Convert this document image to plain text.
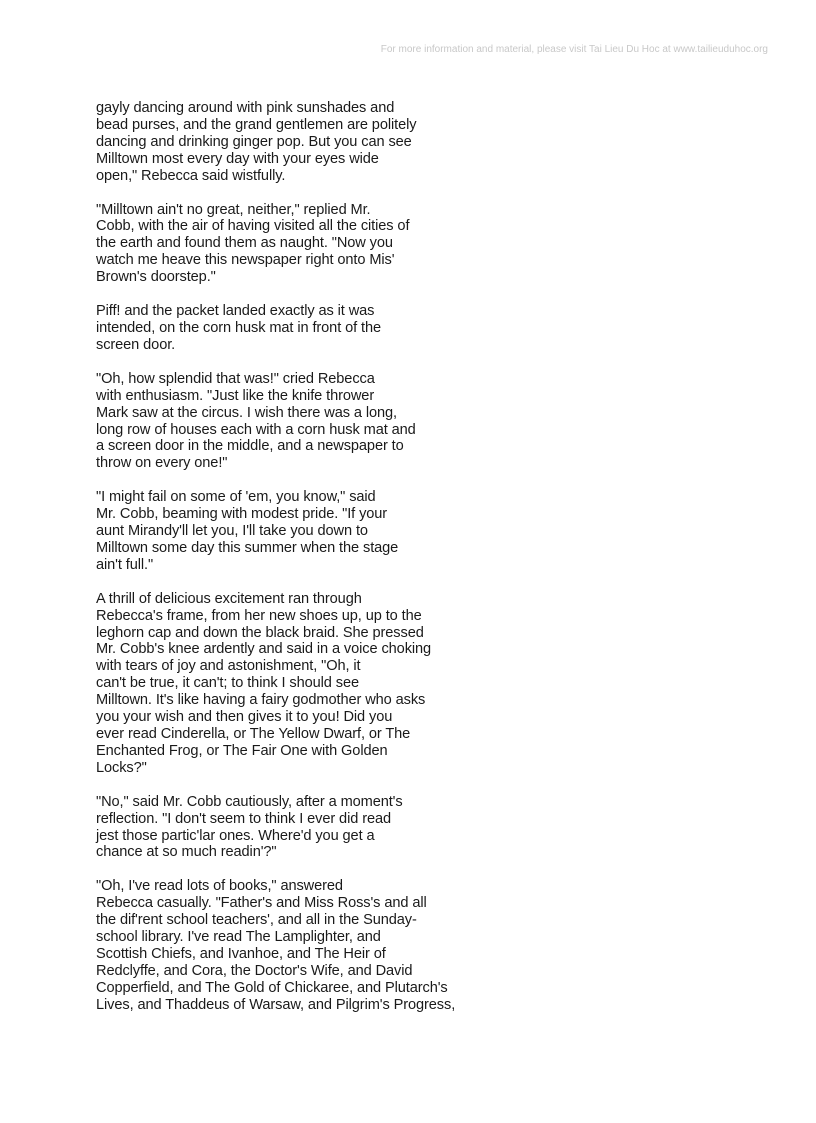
For more information and material, please visit Tai Lieu Du Hoc at www.tailieuduhoc.org
gayly dancing around with pink sunshades and
bead purses, and the grand gentlemen are politely
dancing and drinking ginger pop. But you can see
Milltown most every day with your eyes wide
open," Rebecca said wistfully.
"Milltown ain't no great, neither," replied Mr.
Cobb, with the air of having visited all the cities of
the earth and found them as naught. "Now you
watch me heave this newspaper right onto Mis'
Brown's doorstep."
Piff! and the packet landed exactly as it was
intended, on the corn husk mat in front of the
screen door.
"Oh, how splendid that was!" cried Rebecca
with enthusiasm. "Just like the knife thrower
Mark saw at the circus. I wish there was a long,
long row of houses each with a corn husk mat and
a screen door in the middle, and a newspaper to
throw on every one!"
"I might fail on some of 'em, you know," said
Mr. Cobb, beaming with modest pride. "If your
aunt Mirandy'll let you, I'll take you down to
Milltown some day this summer when the stage
ain't full."
A thrill of delicious excitement ran through
Rebecca's frame, from her new shoes up, up to the
leghorn cap and down the black braid. She pressed
Mr. Cobb's knee ardently and said in a voice choking
with tears of joy and astonishment, "Oh, it
can't be true, it can't; to think I should see
Milltown. It's like having a fairy godmother who asks
you your wish and then gives it to you! Did you
ever read Cinderella, or The Yellow Dwarf, or The
Enchanted Frog, or The Fair One with Golden
Locks?"
"No," said Mr. Cobb cautiously, after a moment's
reflection. "I don't seem to think I ever did read
jest those partic'lar ones. Where'd you get a
chance at so much readin'?"
"Oh, I've read lots of books," answered
Rebecca casually. "Father's and Miss Ross's and all
the dif'rent school teachers', and all in the Sunday-
school library. I've read The Lamplighter, and
Scottish Chiefs, and Ivanhoe, and The Heir of
Redclyffe, and Cora, the Doctor's Wife, and David
Copperfield, and The Gold of Chickaree, and Plutarch's
Lives, and Thaddeus of Warsaw, and Pilgrim's Progress,
